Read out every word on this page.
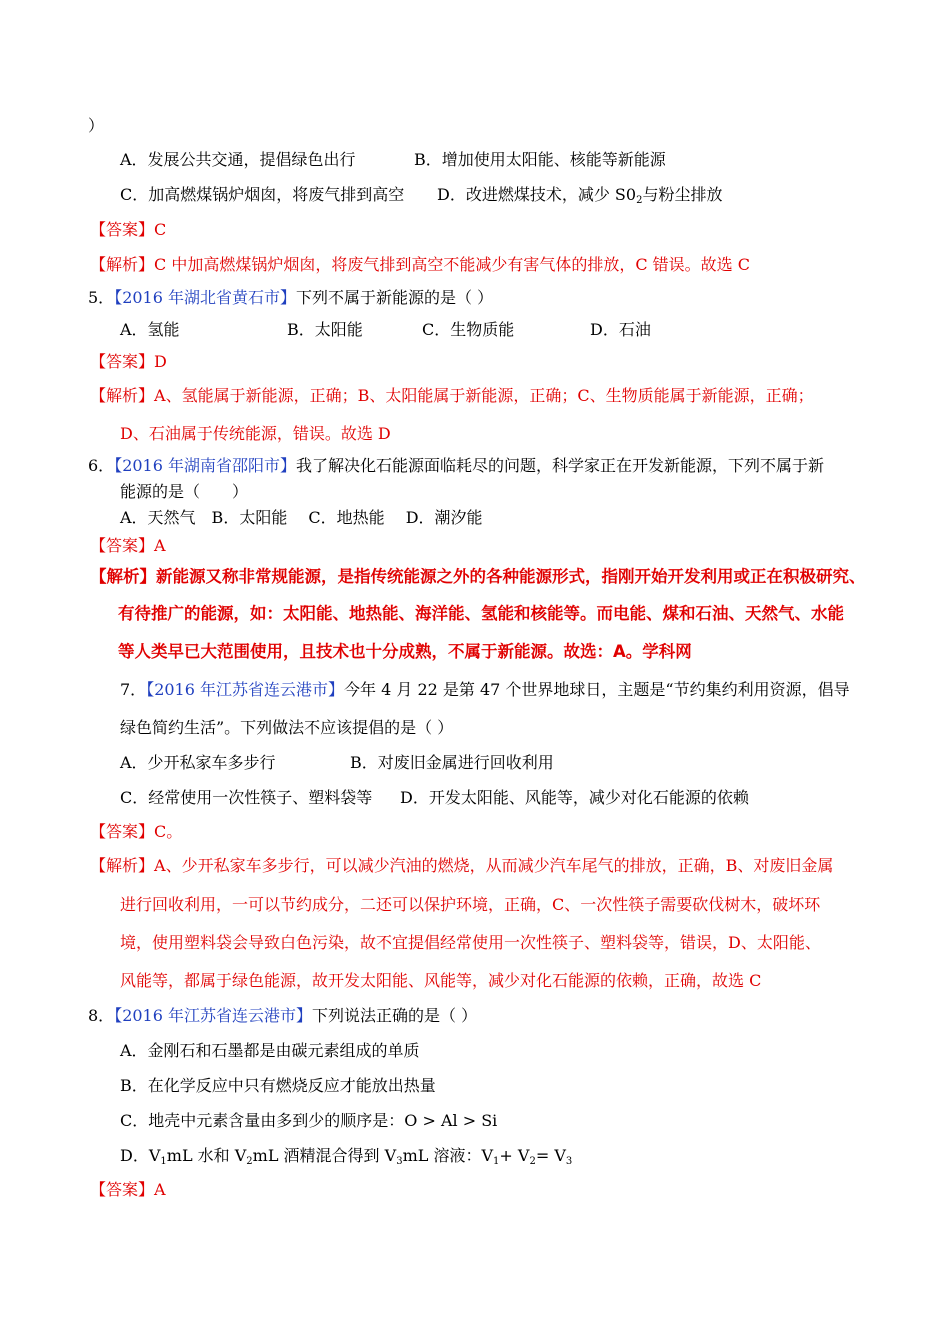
）
A．发展公共交通，提倡绿色出行	B．增加使用太阳能、核能等新能源
C．加高燃煤锅炉烟囱，将废气排到高空 D．改进燃煤技术，减少 $S0_2$与粉尘排放
【答案】C
【解析】C 中加高燃煤锅炉烟囱，将废气排到高空不能减少有害气体的排放，C 错误。故选 C
5．【2016 年湖北省黄石市】下列不属于新能源的是（ ）
A．氢能	B．太阳能	C．生物质能	D．石油
【答案】D
【解析】A、氢能属于新能源，正确；B、太阳能属于新能源，正确；C、生物质能属于新能源，正确；
D、石油属于传统能源，错误。故选 D
6．【2016 年湖南省邵阳市】我了解决化石能源面临耗尽的问题，科学家正在开发新能源，下列不属于新
能源的是（　　）
A．天然气　B．太阳能　 C．地热能　 D．潮汐能
【答案】A
【解析】新能源又称非常规能源，是指传统能源之外的各种能源形式，指刚开始开发利用或正在积极研究、
有待推广的能源，如：太阳能、地热能、海洋能、氢能和核能等。而电能、煤和石油、天然气、水能
等人类早已大范围使用，且技术也十分成熟，不属于新能源。故选：A。学科网
7．【2016 年江苏省连云港市】今年 4 月 22 是第 47 个世界地球日，主题是“节约集约利用资源，倡导
绿色简约生活”。下列做法不应该提倡的是（ ）
A．少开私家车多步行	B．对废旧金属进行回收利用
C．经常使用一次性筷子、塑料袋等 D．开发太阳能、风能等，减少对化石能源的依赖
【答案】C。
【解析】A、少开私家车多步行，可以减少汽油的燃烧，从而减少汽车尾气的排放，正确，B、对废旧金属
进行回收利用，一可以节约成分，二还可以保护环境，正确，C、一次性筷子需要砍伐树木，破坏环
境，使用塑料袋会导致白色污染，故不宜提倡经常使用一次性筷子、塑料袋等，错误，D、太阳能、
风能等，都属于绿色能源，故开发太阳能、风能等，减少对化石能源的依赖，正确，故选 C
8．【2016 年江苏省连云港市】下列说法正确的是（ ）
A．金刚石和石墨都是由碳元素组成的单质
B．在化学反应中只有燃烧反应才能放出热量
C．地壳中元素含量由多到少的顺序是：O > Al > Si
D．$V_1mL$ 水和 $V_2mL$ 酒精混合得到 $V_3mL$ 溶液：$V_1+ V_2= V_3$
【答案】A
